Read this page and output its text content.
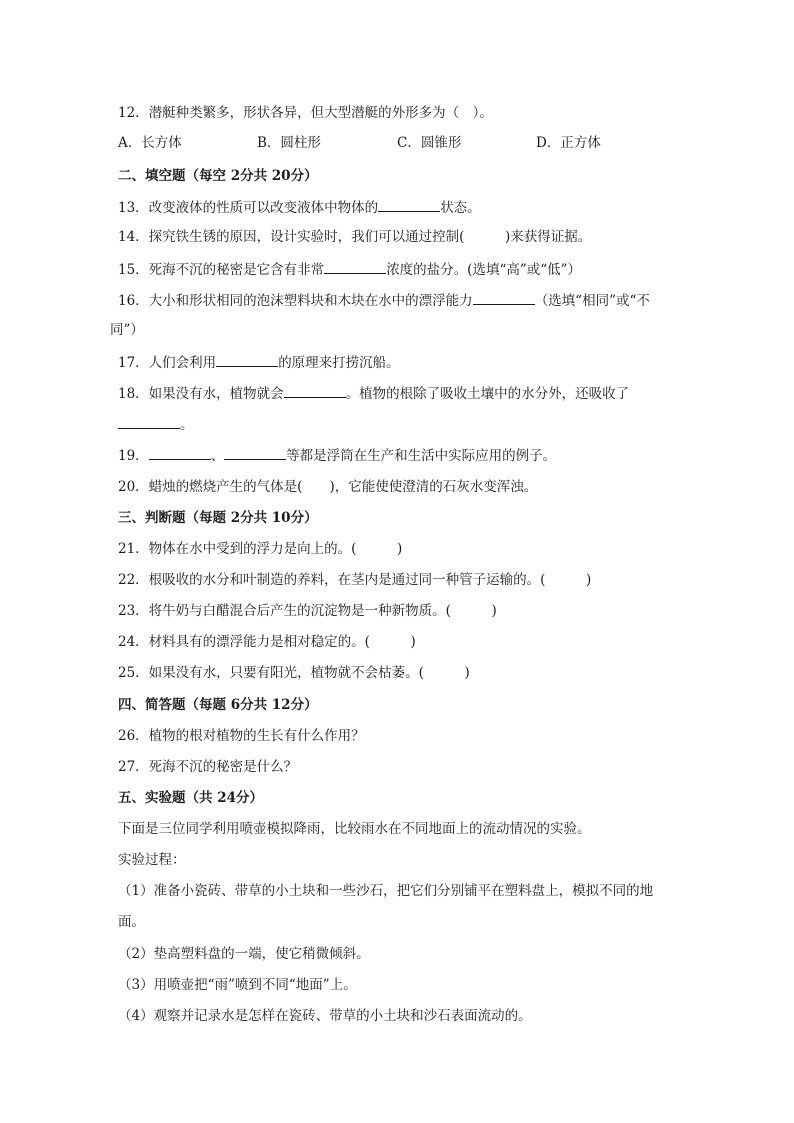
12．潜艇种类繁多，形状各异，但大型潜艇的外形多为（　）。
A．长方体	B．圆柱形	C．圆锥形	D．正方体
二、填空题（每空 2分共 20分）
13．改变液体的性质可以改变液体中物体的	状态。
14．探究铁生锈的原因，设计实验时，我们可以通过控制(　　　)来获得证据。
15．死海不沉的秘密是它含有非常	浓度的盐分。(选填“高”或“低”）
16．大小和形状相同的泡沫塑料块和木块在水中的漂浮能力	（选填“相同”或“不
同”）
17．人们会利用	的原理来打捞沉船。
18．如果没有水，植物就会	。植物的根除了吸收土壤中的水分外，还吸收了
。
19．	、	等都是浮筒在生产和生活中实际应用的例子。
20．蜡烛的燃烧产生的气体是(　　)，它能使使澄清的石灰水变浑浊。
三、判断题（每题 2分共 10分）
21．物体在水中受到的浮力是向上的。(　　　)
22．根吸收的水分和叶制造的养料，在茎内是通过同一种管子运输的。(　　　)
23．将牛奶与白醋混合后产生的沉淀物是一种新物质。(　　　)
24．材料具有的漂浮能力是相对稳定的。(　　　)
25．如果没有水，只要有阳光，植物就不会枯萎。(　　　)
四、简答题（每题 6分共 12分）
26．植物的根对植物的生长有什么作用？
27．死海不沉的秘密是什么？
五、实验题（共 24分）
下面是三位同学利用喷壶模拟降雨，比较雨水在不同地面上的流动情况的实验。
实验过程：
（1）准备小瓷砖、带草的小土块和一些沙石，把它们分别铺平在塑料盘上，模拟不同的地
面。
（2）垫高塑料盘的一端，使它稍微倾斜。
（3）用喷壶把“雨”喷到不同“地面”上。
（4）观察并记录水是怎样在瓷砖、带草的小土块和沙石表面流动的。
